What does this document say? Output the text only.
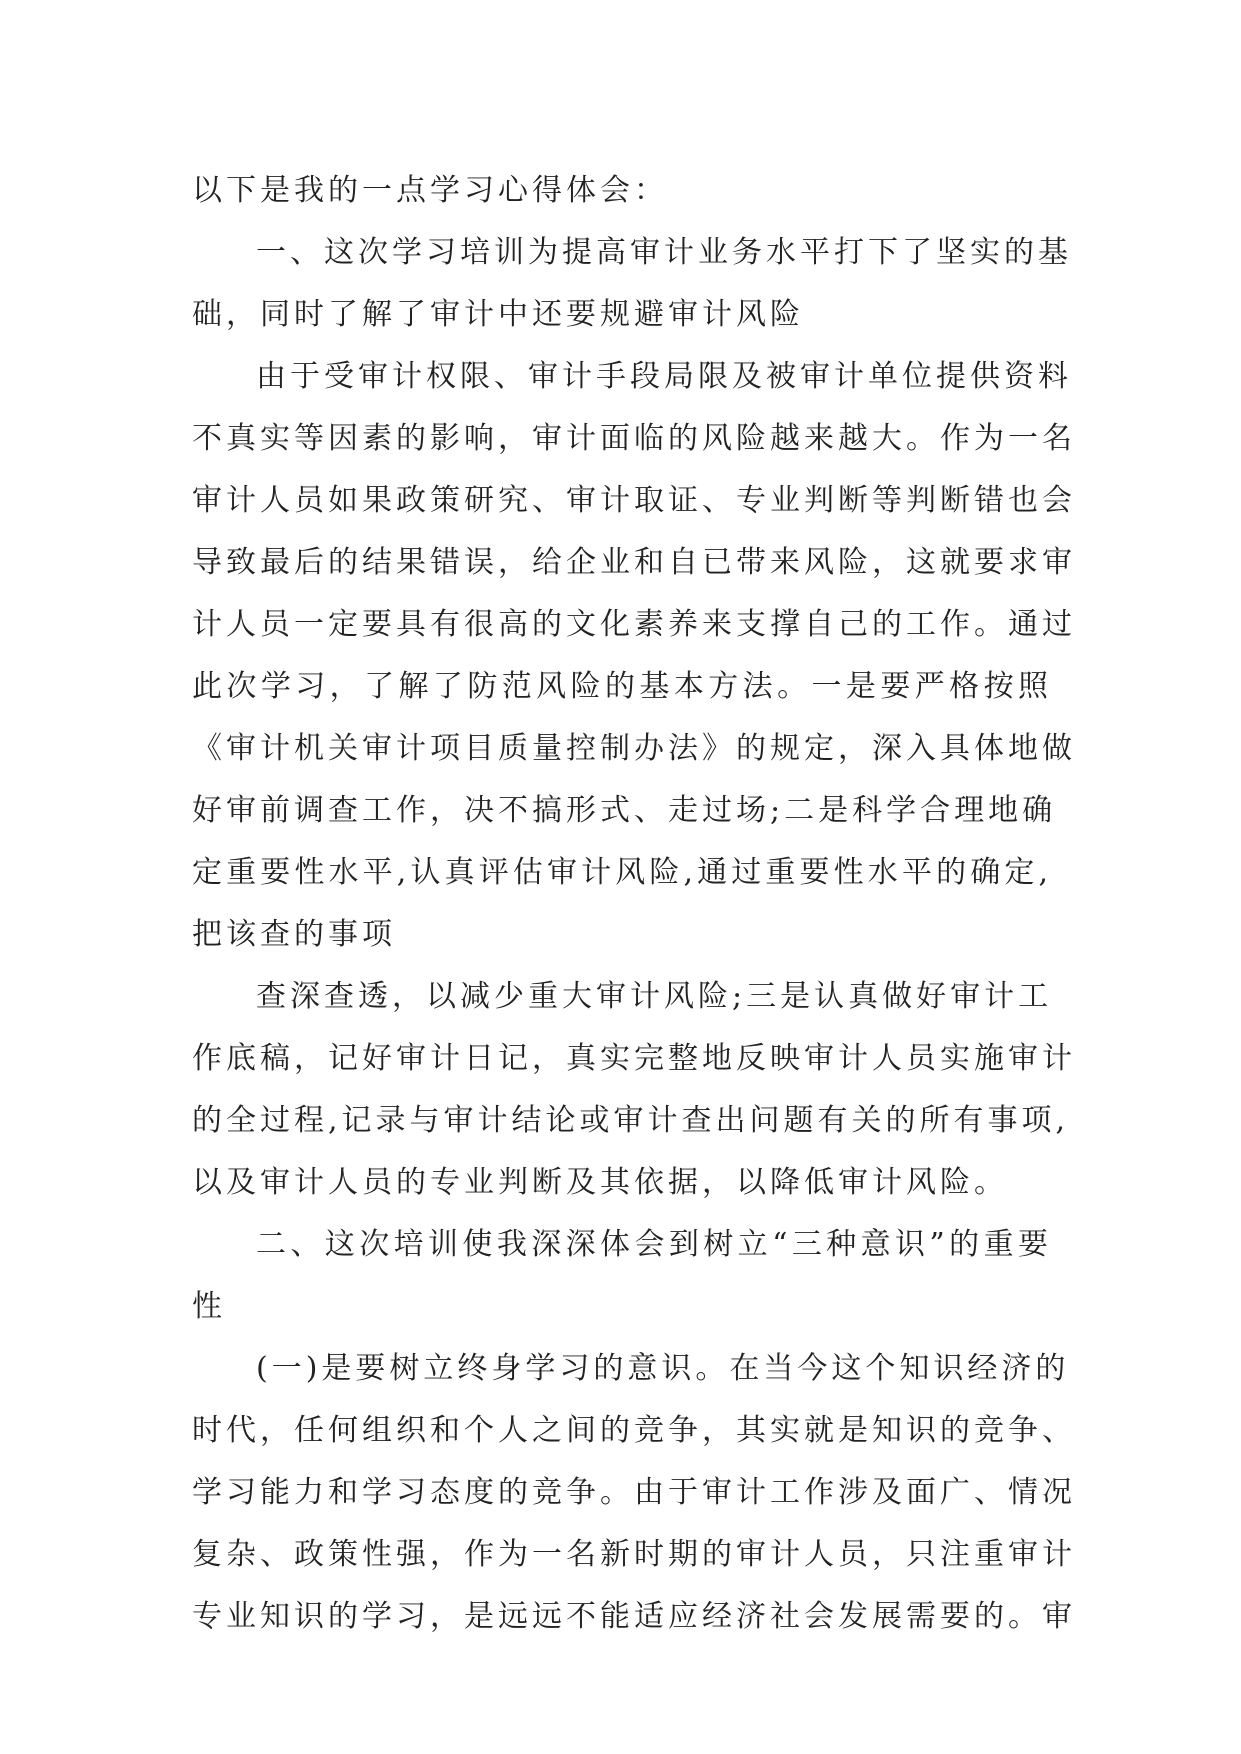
以下是我的一点学习心得体会：

一、这次学习培训为提高审计业务水平打下了坚实的基
础，同时了解了审计中还要规避审计风险

由于受审计权限、审计手段局限及被审计单位提供资料
不真实等因素的影响，审计面临的风险越来越大。作为一名
审计人员如果政策研究、审计取证、专业判断等判断错也会
导致最后的结果错误，给企业和自已带来风险，这就要求审
计人员一定要具有很高的文化素养来支撑自己的工作。通过
此次学习，了解了防范风险的基本方法。一是要严格按照
《审计机关审计项目质量控制办法》的规定，深入具体地做
好审前调查工作，决不搞形式、走过场;二是科学合理地确
定重要性水平,认真评估审计风险,通过重要性水平的确定,
把该查的事项

查深查透，以减少重大审计风险;三是认真做好审计工
作底稿，记好审计日记，真实完整地反映审计人员实施审计
的全过程,记录与审计结论或审计查出问题有关的所有事项,
以及审计人员的专业判断及其依据，以降低审计风险。

二、这次培训使我深深体会到树立“三种意识”的重要
性

(一)是要树立终身学习的意识。在当今这个知识经济的
时代，任何组织和个人之间的竞争，其实就是知识的竞争、
学习能力和学习态度的竞争。由于审计工作涉及面广、情况
复杂、政策性强，作为一名新时期的审计人员，只注重审计
专业知识的学习，是远远不能适应经济社会发展需要的。审
